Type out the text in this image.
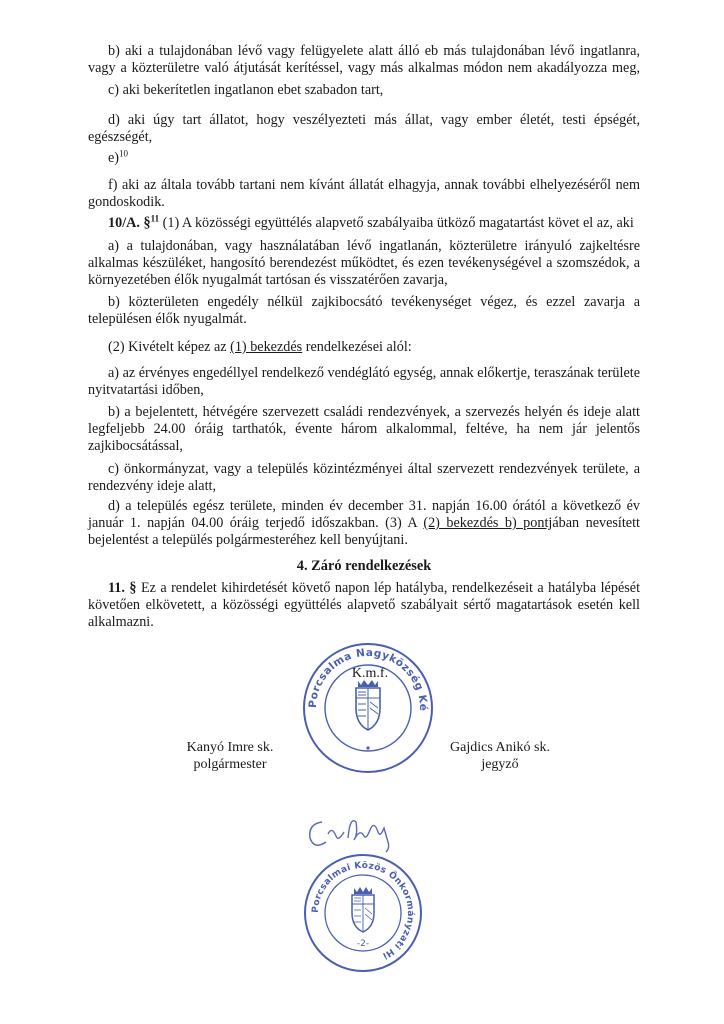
b) aki a tulajdonában lévő vagy felügyelete alatt álló eb más tulajdonában lévő ingatlanra, vagy a közterületre való átjutását kerítéssel, vagy más alkalmas módon nem akadályozza meg,

c) aki bekerítetlen ingatlanon ebet szabadon tart,

d) aki úgy tart állatot, hogy veszélyezteti más állat, vagy ember életét, testi épségét, egészségét,

e)$^{10}$

f) aki az általa tovább tartani nem kívánt állatát elhagyja, annak további elhelyezéséről nem gondoskodik.

10/A. §$^{11}$ (1) A közösségi együttélés alapvető szabályaiba ütköző magatartást követ el az, aki

a) a tulajdonában, vagy használatában lévő ingatlanán, közterületre irányuló zajkeltésre alkalmas készüléket, hangosító berendezést működtet, és ezen tevékenységével a szomszédok, a környezetében élők nyugalmát tartósan és visszatérően zavarja,

b) közterületen engedély nélkül zajkibocsátó tevékenységet végez, és ezzel zavarja a településen élők nyugalmát.

(2) Kivételt képez az (1) bekezdés rendelkezései alól:

a) az érvényes engedéllyel rendelkező vendéglátó egység, annak előkertje, teraszának területe nyitvatartási időben,

b) a bejelentett, hétvégére szervezett családi rendezvények, a szervezés helyén és ideje alatt legfeljebb 24.00 óráig tarthatók, évente három alkalommal, feltéve, ha nem jár jelentős zajkibocsátással,

c) önkormányzat, vagy a település közintézményei által szervezett rendezvények területe, a rendezvény ideje alatt,

d) a település egész területe, minden év december 31. napján 16.00 órától a következő év január 1. napján 04.00 óráig terjedő időszakban. (3) A (2) bekezdés b) pontjában nevesített bejelentést a település polgármesteréhez kell benyújtani.

4. Záró rendelkezések

11. § Ez a rendelet kihirdetését követő napon lép hatályba, rendelkezéseit a hatályba lépését követően elkövetett, a közösségi együttélés alapvető szabályait sértő magatartások esetén kell alkalmazni.

Porcsalma Nagyközség Ké
K.m.f.
Kanyó Imre sk.
polgármester
Gajdics Anikó sk.
jegyző
Porcsalmai Közös Önkormányzati Hi
-2-
